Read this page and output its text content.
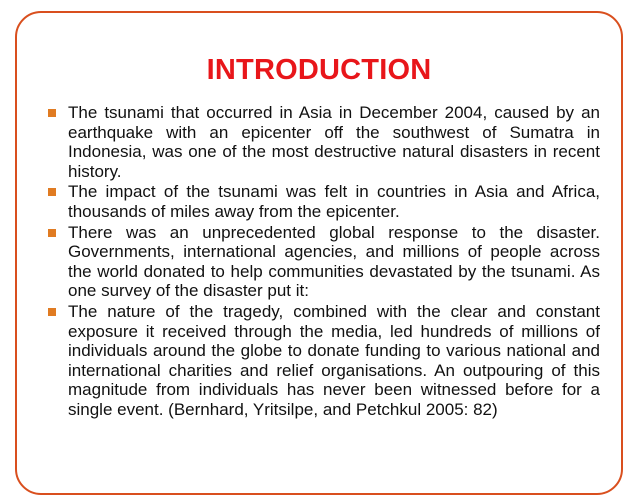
INTRODUCTION
The tsunami that occurred in Asia in December 2004, caused by an earthquake with an epicenter off the southwest of Sumatra in Indonesia, was one of the most destructive natural disasters in recent history.
The impact of the tsunami was felt in countries in Asia and Africa, thousands of miles away from the epicenter.
There was an unprecedented global response to the disaster. Governments, international agencies, and millions of people across the world donated to help communities devastated by the tsunami. As one survey of the disaster put it:
The nature of the tragedy, combined with the clear and constant exposure it received through the media, led hundreds of millions of individuals around the globe to donate funding to various national and international charities and relief organisations. An outpouring of this magnitude from individuals has never been witnessed before for a single event. (Bernhard, Yritsilpe, and Petchkul 2005: 82)
